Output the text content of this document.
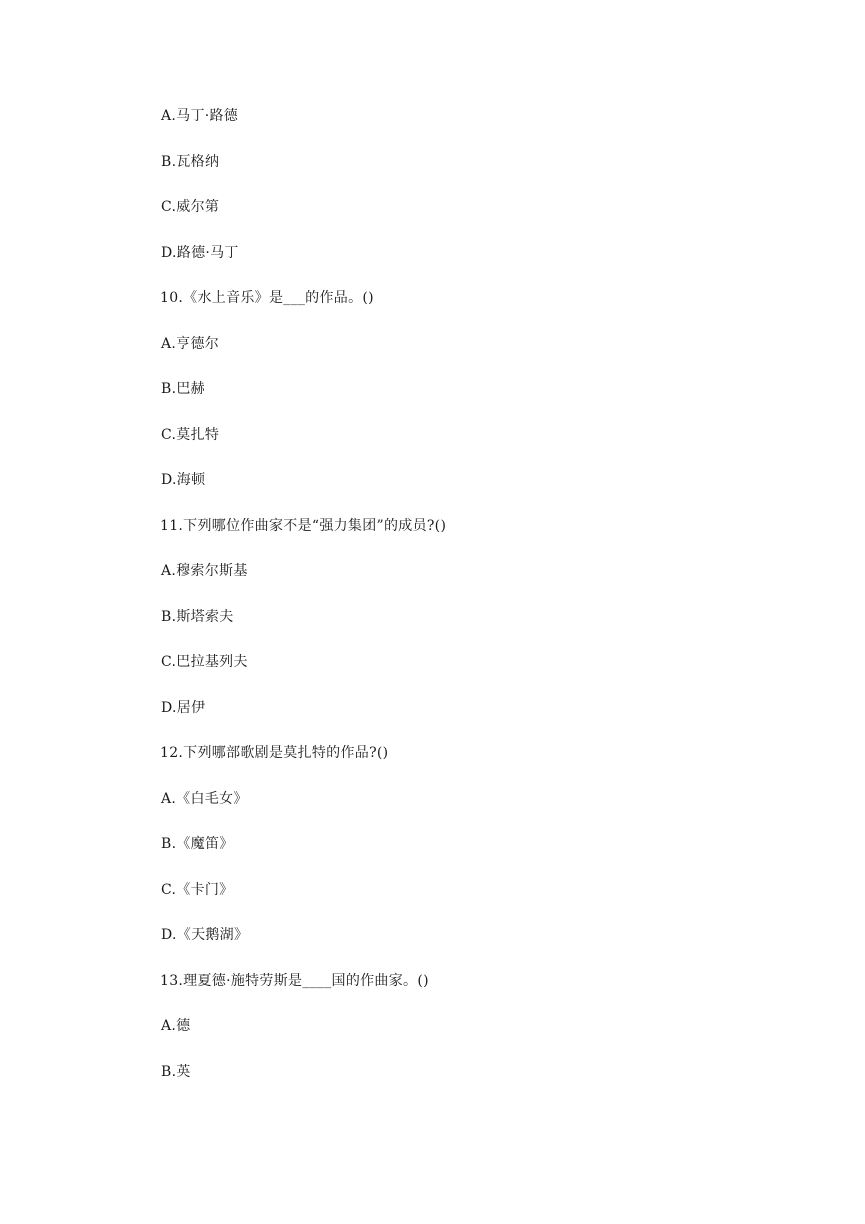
A.马丁·路德
B.瓦格纳
C.威尔第
D.路德·马丁
10.《水上音乐》是___的作品。()
A.亨德尔
B.巴赫
C.莫扎特
D.海顿
11.下列哪位作曲家不是“强力集团”的成员?()
A.穆索尔斯基
B.斯塔索夫
C.巴拉基列夫
D.居伊
12.下列哪部歌剧是莫扎特的作品?()
A.《白毛女》
B.《魔笛》
C.《卡门》
D.《天鹅湖》
13.理夏德·施特劳斯是____国的作曲家。()
A.德
B.英
